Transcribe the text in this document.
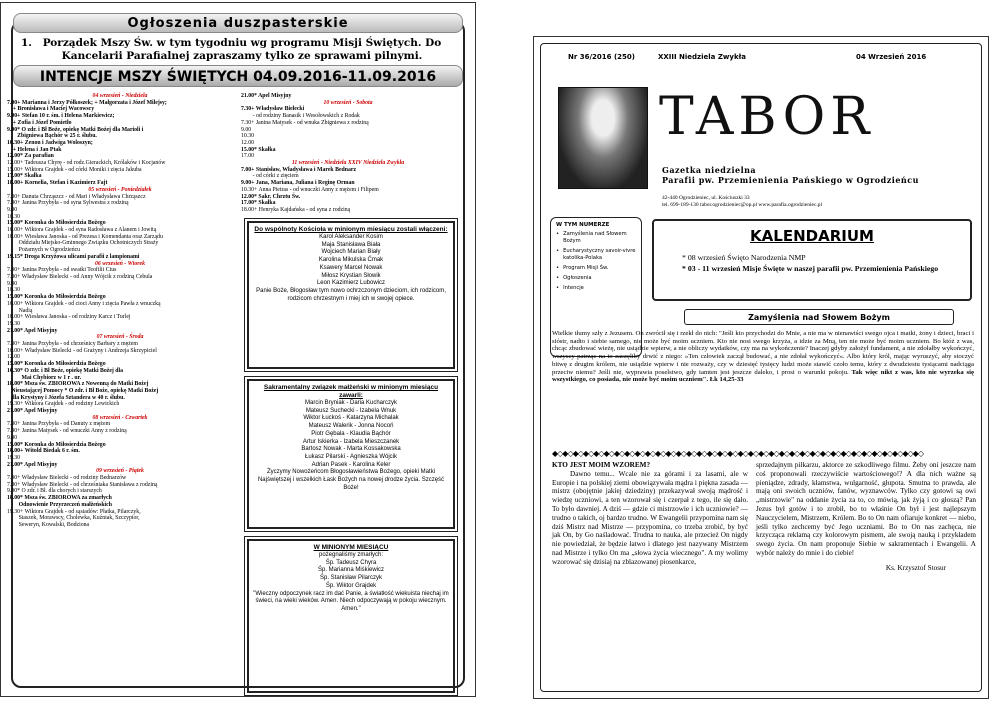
Ogłoszenia duszpasterskie
1. Porządek Mszy Św. w tym tygodniu wg programu Misji Świętych. Do Kancelarii Parafialnej zapraszamy tylko ze sprawami pilnymi.
INTENCJE MSZY ŚWIĘTYCH 04.09.2016-11.09.2016
04 wrzesień - Niedziela
7.00+ Marianna i Jerzy Półkoszek; + Małgorzata i Józef Milejsy;
+ Bronisława i Maciej Wacowscy
9.00+ Stefan 10 r. śm. i Helena Markiewicz;
+ Zofia i Józef Pomietło
9.00* O zdr. i Bł Boże, opiekę Matki Bożej dla Marioli i
Zbigniewa Bąchór w 25 r. ślubu.
10.30+ Zenon i Jadwiga Woloszyn;
+ Helena i Jan Ptak
12.00* Za parafian
12.00+ Tadeusza Chyrę - od rodz.Gierackich, Królaków i Kocjanów
15.00+ Wiktora Grajdek - od córki Moniki i zięcia Jakuba
17.00* Skałka
18.00+ Kornelia, Stefan i Kazimierz Fajt
05 wrzesień - Poniedziałek
7.30+ Danuta Chrząszcz - od Mari i Władysława Chrząszcz
7.30+ Janina Przybyła - od syna Sylwestra z rodziną
9.00
10.30
15.00* Koronka do Miłosierdzia Bożego
16.00+ Wiktora Grajdek - od syna Radosława z Alanem i Jowitą
18.00+ Wiesława Janoska - od Prezesa i Komendanta oraz Zarządu
Oddziału Miejsko-Gminnego Związku Ochotniczych Straży
Pożarnych w Ogrodzieńcu
19.15* Droga Krzyżowa ulicami parafii z lampionami
06 wrzesień - Wtorek
7.30+ Janina Przybyła - od swatki Teofilii Cius
7.30+ Władysław Bielecki - od Anny Wójcik z rodziną Cebula
9.00
10.30
15.00* Koronka do Miłosierdzia Bożego
16.00+ Wiktora Grajdek - od cioci Anny i zięcia Pawła z wnuczką
Nadią
18.00+ Wiesława Janoska - od rodziny Karcz i Turlej
19.30
21.00* Apel Misyjny
07 wrzesień - Środa
7.30+ Janina Przybyła - od chrześnicy Barbary z mężem
10.00+ Władysław Bielecki - od Grażyny i Andrzeja Skrzypiciel
12.00
15.00* Koronka do Miłosierdzia Bożego
16.30* O zdr. i Bł Boże, opiekę Matki Bożej dla
Mai Chybiorz w 1 r . ur.
18.00* Msza św. ZBIOROWA z Nowenną do Matki Bożej
Nieustającej Pomocy * O zdr. i Bł Boże, opiekę Matki Bożej
dla Krystyny i Józefa Sztandera w 40 r. ślubu.
19.30+ Wiktora Grajdek - od rodziny Lewickich
21.00* Apel Misyjny
08 wrzesień - Czwartek
7.30+ Janina Przybyła - od Danuty z mężem
7.30+ Janina Matysek - od wnuczki Anny z rodziną
9.00
15.00* Koronka do Miłosierdzia Bożego
18.00+ Witold Biedak 6 r. śm.
19.30
21.00* Apel Misyjny
09 wrzesień - Piątek
7.30+ Władysław Bielecki - od rodziny Bednarzów
7.30+ Władysław Bielecki - od chrześniaka Stanisława z rodziną
9.00* O zdr. i Bł. dla chorych i starszych
18.00* Msza św. ZBIOROWA za zmarłych
Odnowienie Przyrzeczeń małżeńskich
19.30+ Wiktora Grajdek - od sąsiadów: Płatka, Pilarczyk,
Staszek, Morawscy, Cholewka, Kuźniak, Szczypior,
Seweryn, Kowalski, Bodziona
21.00* Apel Misyjny
10 wrzesień - Sobota
7.30+ Władysław Bielecki
- od rodziny Banasik i Wesołowskich z Rodak
7.30+ Janina Matysek - od wnuka Zbigniewa z rodziną
9.00
10.30
12.00
15.00* Skałka
17.00
11 wrzesień - Niedziela XXIV Niedziela Zwykła
7.00+ Stanisław, Władysława i Marek Bednarz
- od córki z zięciem
9.00+ Jana, Mariana, Juliana i Reginę Orman
10.30+ Anna Pietras - od wnuczki Anny z mężem i Filipem
12.00* Sakr. Chrztu Św.
17.00* Skałka
18.00+ Henryka Kajdańska - od syna z rodziną
Do wspólnoty Kościoła w minionym miesiącu zostali włączeni:
Karol Aleksander Kosim
Maja Stanisława Biała
Wojciech Marian Biały
Karolina Mikulska Ćmak
Ksawery Marcel Nowak
Miłosz Krystian Słowik
Leon Kazimierz Lubowicz
Panie Boże, Błogosław tym nowo ochrzczonym dzieciom, ich rodzicom, rodzicom chrzestnym i miej ich w swojej opiece.
Sakramentalny związek małżeński w minionym miesiącu zawarli:
Marcin Bryniak - Daria Kucharczyk
Mateusz Suchecki - Izabela Wnuk
Wiktor Łuckoś - Katarzyna Michalak
Mateusz Walerik - Jonna Nocoń
Piotr Gębala - Klaudia Bąchór
Artur Iskierka - Izabela Mieszczanek
Bartosz Nowak - Marta Kossakowska
Łukasz Pilarski - Agnieszka Wójcik
Adrian Pasek - Karolina Keler
Życzymy Nowożeńcom Błogosławieństwa Bożego, opieki Matki Najświętszej i wszelkich Łask Bożych na nowej drodze życia. Szczęść Boże!
W MINIONYM MIESIĄCU
pożegnaliśmy zmarłych:
Śp. Tadeusz Chyra
Śp. Marianna Miśkiewicz
Śp. Stanisław Pilarczyk
Śp. Wiktor Grajdek
"Wieczny odpoczynek racz im dać Panie, a światłość wiekuista niechaj im świeci, na wieki wieków. Amen. Niech odpoczywają w pokoju wiecznym. Amen."
Nr 36/2016 (250)	XXIII Niedziela Zwykła	04 Wrzesień 2016
TABOR
Gazetka niedzielna
Parafii pw. Przemienienia Pańskiego w Ogrodzieńcu
42-440 Ogrodzieniec, ul. Kościuszki 33
tel. 699-189-130 tabor.ogrodzieniec@op.pl www.parafia.ogrodzieniec.pl
W TYM NUMERZE
• Zamyślenia nad Słowem Bożym
• Eucharystyczny savoir-vivre katolika-Polaka
• Program Misji Św.
• Ogłoszenia
• Intencje
KALENDARIUM
* 08 wrzesień Święto Narodzenia NMP
* 03 - 11 wrzesień Misje Święte w naszej parafii pw. Przemienienia Pańskiego
Zamyślenia nad Słowem Bożym
Wielkie tłumy szły z Jezusem. On zwrócił się i rzekł do nich: "Jeśli kto przychodzi do Mnie, a nie ma w nienawiści swego ojca i matki, żony i dzieci, braci i sióstr, nadto i siebie samego, nie może być moim uczniem. Kto nie nosi swego krzyża, a idzie za Mną, ten nie może być moim uczniem. Bo któż z was, chcąc zbudować wieżę, nie usiądzie wpierw, a nie obliczy wydatków, czy ma na wykończenie? Inaczej gdyby założył fundament, a nie zdołałby wykończyć, wszyscy patrząc na to zaczęliby drwić z niego: »Ten człowiek zaczął budować, a nie zdołał wykończyć«. Albo który król, mając wyruszyć, aby stoczyć bitwę z drugim królem, nie usiądzie wpierw i nie rozważy, czy w dziesięć tysięcy ludzi może stawić czoło temu, który z dwudziestu tysiącami nadciąga przeciw niemu? Jeśli nie, wyprawia poselstwo, gdy tamten jest jeszcze daleko, i prosi o warunki pokoju. Tak więc nikt z was, kto nie wyrzeka się wszystkiego, co posiada, nie może być moim uczniem". Łk 14,25-33
◆◇◆◇◆◇◆◇◆◇◆◇◆◇◆◇◆◇◆◇◆◇◆◇◆◇◆◇◆◇◆◇◆◇◆◇◆◇◆◇◆◇◆◇◆◇◆◇◆◇◆◇◆◇◆◇◆◇◆◇◆◇◆◇◆◇◆◇◆◇◆◇
KTO JEST MOIM WZOREM?
Dawno temu... Wcale nie za górami i za lasami, ale w Europie i na polskiej ziemi obowiązywała mądra i piękna zasada — mistrz (obojętnie jakiej dziedziny) przekazywał swoją mądrość i wiedzę uczniowi, a ten wzorował się i czerpał z tego, ile się dało. To było dawniej. A dziś — gdzie ci mistrzowie i ich uczniowie? — trudno o takich, oj bardzo trudno. W Ewangelii przypomina nam się dziś Mistrz nad Mistrze — przypomina, co trzeba zrobić, by być jak On, by Go naśladować. Trudna to nauka, ale przecież On nigdy nie powiedział, że będzie łatwo i dlatego jest nazywany Mistrzem nad Mistrze i tylko On ma „słowa życia wiecznego". A my wolimy wzorować się dzisiaj na zblazowanej piosenkarce,
sprzedajnym piłkarzu, aktorce ze szkodliwego filmu. Żeby oni jeszcze nam coś proponowali rzeczywiście wartościowego!? A dla nich ważne są pieniądze, zdrady, kłamstwa, wulgarność, głupota. Smutna to prawda, ale mają oni swoich uczniów, fanów, wyznawców. Tylko czy gotowi są owi „mistrzowie" na oddanie życia za to, co mówią, jak żyją i co głoszą? Pan Jezus był gotów i to zrobił, bo to właśnie On był i jest najlepszym Nauczycielem, Mistrzem, Królem. Bo to On nam ofiaruje konkret — niebo, jeśli tylko zechcemy być Jego uczniami. Bo to On nas zachęca, nie krzycząca reklamą czy kolorowym pismem, ale swoją nauką i przykładem swego życia. On nam proponuje Siebie w sakramentach i Ewangelii. A wybór należy do mnie i do ciebie!
Ks. Krzysztof Stosur
